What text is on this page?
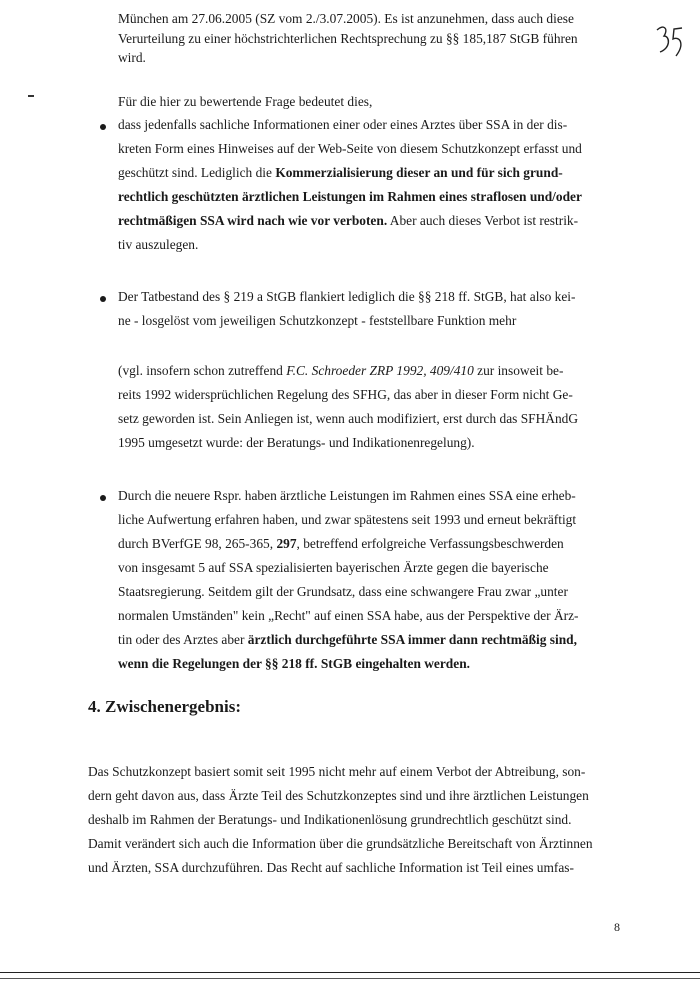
München am 27.06.2005 (SZ vom 2./3.07.2005). Es ist anzunehmen, dass auch diese
Verurteilung zu einer höchstrichterlichen Rechtsprechung zu §§ 185,187 StGB führen
wird.
Für die hier zu bewertende Frage bedeutet dies,
dass jedenfalls sachliche Informationen einer oder eines Arztes über SSA in der dis-
kreten Form eines Hinweises auf der Web-Seite von diesem Schutzkonzept erfasst und
geschützt sind. Lediglich die Kommerzialisierung dieser an und für sich grund-
rechtlich geschützten ärztlichen Leistungen im Rahmen eines straflosen und/oder
rechtmäßigen SSA wird nach wie vor verboten. Aber auch dieses Verbot ist restrik-
tiv auszulegen.
Der Tatbestand des § 219 a StGB flankiert lediglich die §§ 218 ff. StGB, hat also kei-
ne - losgelöst vom jeweiligen Schutzkonzept - feststellbare Funktion mehr
(vgl. insofern schon zutreffend F.C. Schroeder ZRP 1992, 409/410 zur insoweit be-
reits 1992 widersprüchlichen Regelung des SFHG, das aber in dieser Form nicht Ge-
setz geworden ist. Sein Anliegen ist, wenn auch modifiziert, erst durch das SFHÄndG
1995 umgesetzt wurde: der Beratungs- und Indikationenregelung).
Durch die neuere Rspr. haben ärztliche Leistungen im Rahmen eines SSA eine erheb-
liche Aufwertung erfahren haben, und zwar spätestens seit 1993 und erneut bekräftigt
durch BVerfGE 98, 265-365, 297, betreffend erfolgreiche Verfassungsbeschwerden
von insgesamt 5 auf SSA spezialisierten bayerischen Ärzte gegen die bayerische
Staatsregierung. Seitdem gilt der Grundsatz, dass eine schwangere Frau zwar „unter
normalen Umständen" kein „Recht" auf einen SSA habe, aus der Perspektive der Ärz-
tin oder des Arztes aber ärztlich durchgeführte SSA immer dann rechtmäßig sind,
wenn die Regelungen der §§ 218 ff. StGB eingehalten werden.
4. Zwischenergebnis:
Das Schutzkonzept basiert somit seit 1995 nicht mehr auf einem Verbot der Abtreibung, son-
dern geht davon aus, dass Ärzte Teil des Schutzkonzeptes sind und ihre ärztlichen Leistungen
deshalb im Rahmen der Beratungs- und Indikationenlösung grundrechtlich geschützt sind.
Damit verändert sich auch die Information über die grundsätzliche Bereitschaft von Ärztinnen
und Ärzten, SSA durchzuführen. Das Recht auf sachliche Information ist Teil eines umfas-
8
